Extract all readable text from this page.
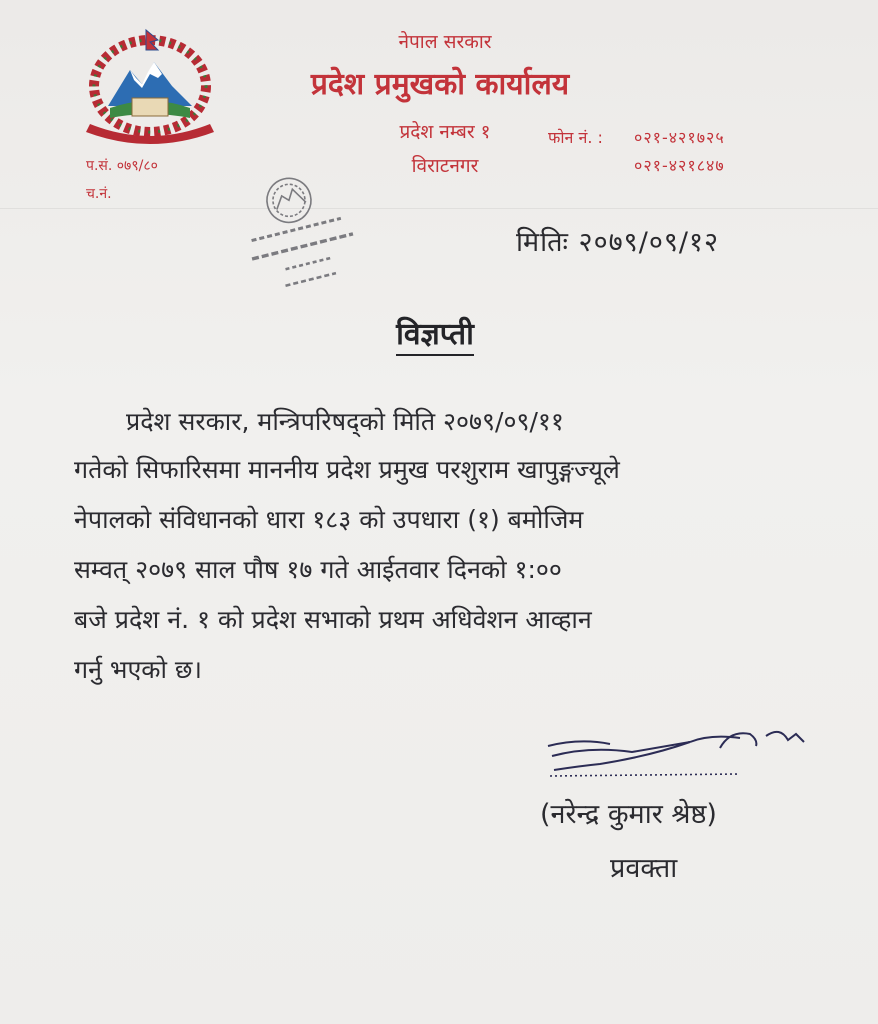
नेपाल सरकार
प्रदेश प्रमुखको कार्यालय
प्रदेश नम्बर १
विराटनगर
फोन नं. : ०२१-४२१७२५
०२१-४२१८४७
प.सं. ०७९/८०
च.नं.
मितिः २०७९/०९/१२
विज्ञप्ती
प्रदेश सरकार, मन्त्रिपरिषद्‌को मिति २०७९/०९/११
गतेको सिफारिसमा माननीय प्रदेश प्रमुख परशुराम खापुङ्गज्यूले
नेपालको संविधानको धारा १८३ को उपधारा (१) बमोजिम
सम्वत् २०७९ साल पौष १७ गते आईतवार दिनको १:००
बजे प्रदेश नं. १ को प्रदेश सभाको प्रथम अधिवेशन आव्हान
गर्नु भएको छ।
(नरेन्द्र कुमार श्रेष्ठ)
प्रवक्ता
